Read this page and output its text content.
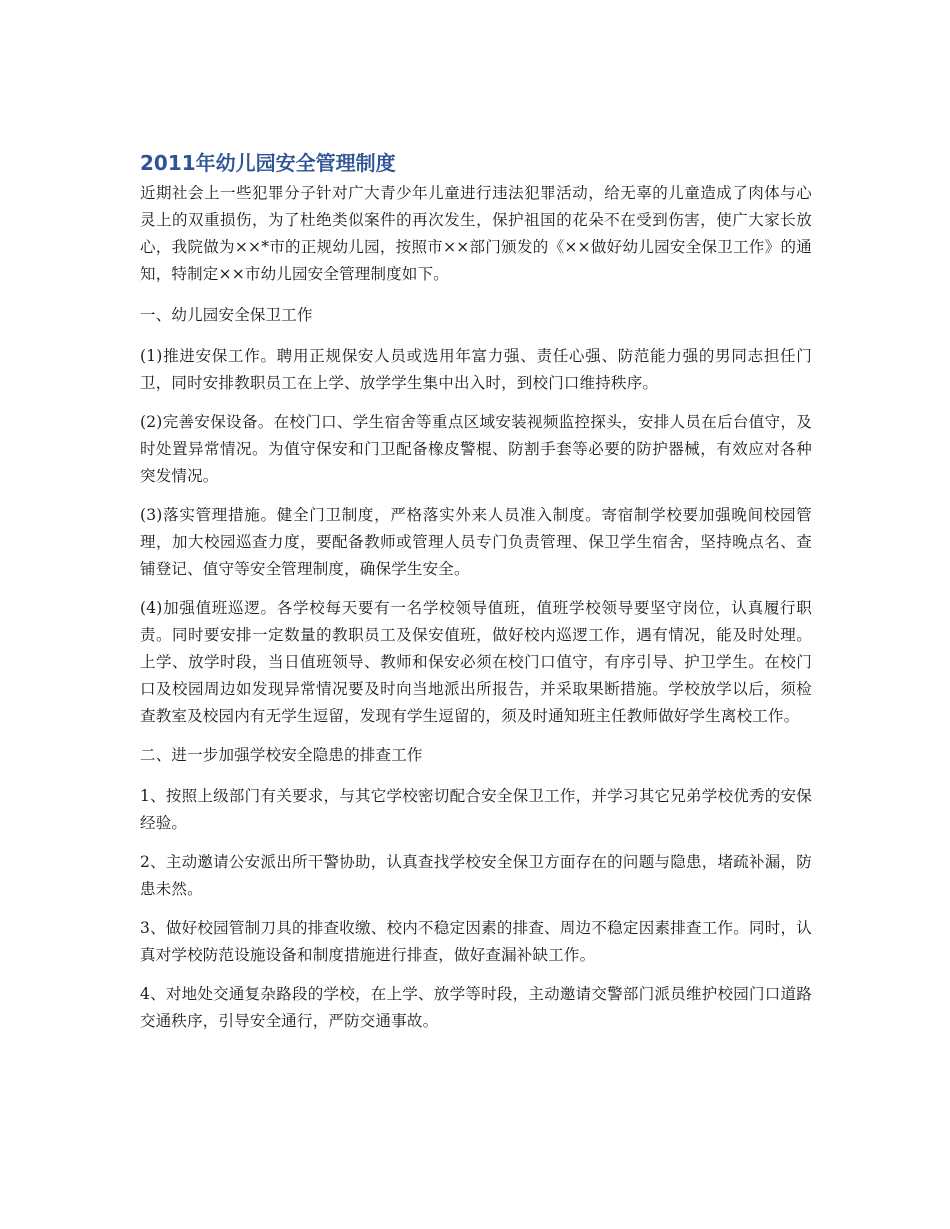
2011年幼儿园安全管理制度

近期社会上一些犯罪分子针对广大青少年儿童进行违法犯罪活动，给无辜的儿童造成了肉体与心灵上的双重损伤，为了杜绝类似案件的再次发生，保护祖国的花朵不在受到伤害，使广大家长放心，我院做为××*市的正规幼儿园，按照市××部门颁发的《××做好幼儿园安全保卫工作》的通知，特制定××市幼儿园安全管理制度如下。

一、幼儿园安全保卫工作

(1)推进安保工作。聘用正规保安人员或选用年富力强、责任心强、防范能力强的男同志担任门卫，同时安排教职员工在上学、放学学生集中出入时，到校门口维持秩序。

(2)完善安保设备。在校门口、学生宿舍等重点区域安装视频监控探头，安排人员在后台值守，及时处置异常情况。为值守保安和门卫配备橡皮警棍、防割手套等必要的防护器械，有效应对各种突发情况。

(3)落实管理措施。健全门卫制度，严格落实外来人员准入制度。寄宿制学校要加强晚间校园管理，加大校园巡查力度，要配备教师或管理人员专门负责管理、保卫学生宿舍，坚持晚点名、查铺登记、值守等安全管理制度，确保学生安全。

(4)加强值班巡逻。各学校每天要有一名学校领导值班，值班学校领导要坚守岗位，认真履行职责。同时要安排一定数量的教职员工及保安值班，做好校内巡逻工作，遇有情况，能及时处理。上学、放学时段，当日值班领导、教师和保安必须在校门口值守，有序引导、护卫学生。在校门口及校园周边如发现异常情况要及时向当地派出所报告，并采取果断措施。学校放学以后，须检查教室及校园内有无学生逗留，发现有学生逗留的，须及时通知班主任教师做好学生离校工作。

二、进一步加强学校安全隐患的排查工作

1、按照上级部门有关要求，与其它学校密切配合安全保卫工作，并学习其它兄弟学校优秀的安保经验。

2、主动邀请公安派出所干警协助，认真查找学校安全保卫方面存在的问题与隐患，堵疏补漏，防患未然。

3、做好校园管制刀具的排查收缴、校内不稳定因素的排查、周边不稳定因素排查工作。同时，认真对学校防范设施设备和制度措施进行排查，做好查漏补缺工作。

4、对地处交通复杂路段的学校，在上学、放学等时段，主动邀请交警部门派员维护校园门口道路交通秩序，引导安全通行，严防交通事故。
